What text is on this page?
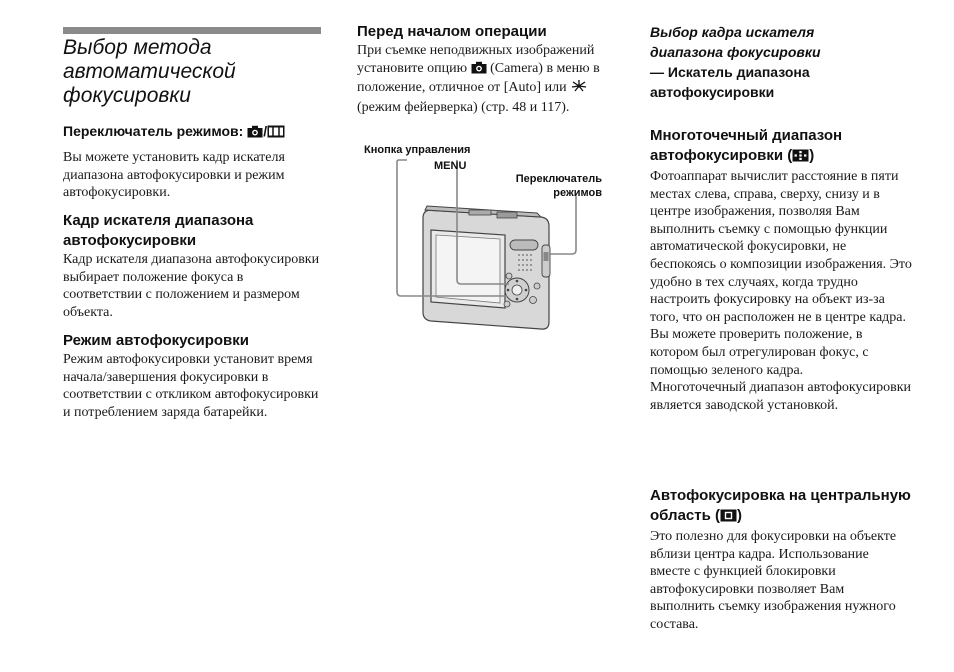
Выбор метода
автоматической
фокусировки
Переключатель режимов: /

Вы можете установить кадр искателя диапазона автофокусировки и режим автофокусировки.

Кадр искателя диапазона автофокусировки

Кадр искателя диапазона автофокусировки выбирает положение фокуса в соответствии с положением и размером объекта.

Режим автофокусировки

Режим автофокусировки установит время начала/завершения фокусировки в соответствии с откликом автофокусировки и потреблением заряда батарейки.

Перед началом операции

При съемке неподвижных изображений установите опцию  (Camera) в меню в положение, отличное от [Auto] или  (режим фейерверка) (стр. 48 и 117).

Кнопка управления
MENU
Переключатель
режимов
Выбор кадра искателя
диапазона фокусировки
— Искатель диапазона автофокусировки
Многоточечный диапазон автофокусировки ( )

Фотоаппарат вычислит расстояние в пяти местах слева, справа, сверху, снизу и в центре изображения, позволяя Вам выполнить съемку с помощью функции автоматической фокусировки, не беспокоясь о композиции изображения. Это удобно в тех случаях, когда трудно настроить фокусировку на объект из-за того, что он расположен не в центре кадра. Вы можете проверить положение, в котором был отрегулирован фокус, с помощью зеленого кадра.

Многоточечный диапазон автофокусировки является заводской установкой.

Автофокусировка на центральную область ( )

Это полезно для фокусировки на объекте вблизи центра кадра. Использование вместе с функцией блокировки автофокусировки позволяет Вам выполнить съемку изображения нужного состава.
